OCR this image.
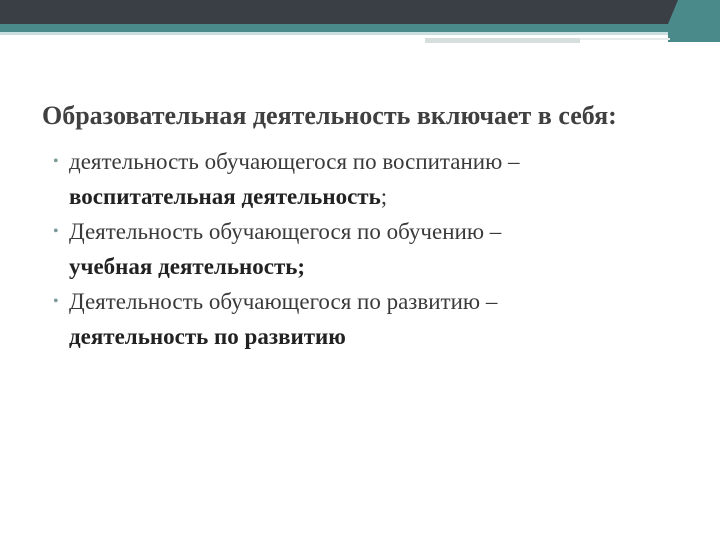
Образовательная деятельность включает в себя:
• деятельность обучающегося по воспитанию –
воспитательная деятельность;
• Деятельность обучающегося по обучению –
учебная деятельность;
• Деятельность обучающегося по развитию –
деятельность по развитию
